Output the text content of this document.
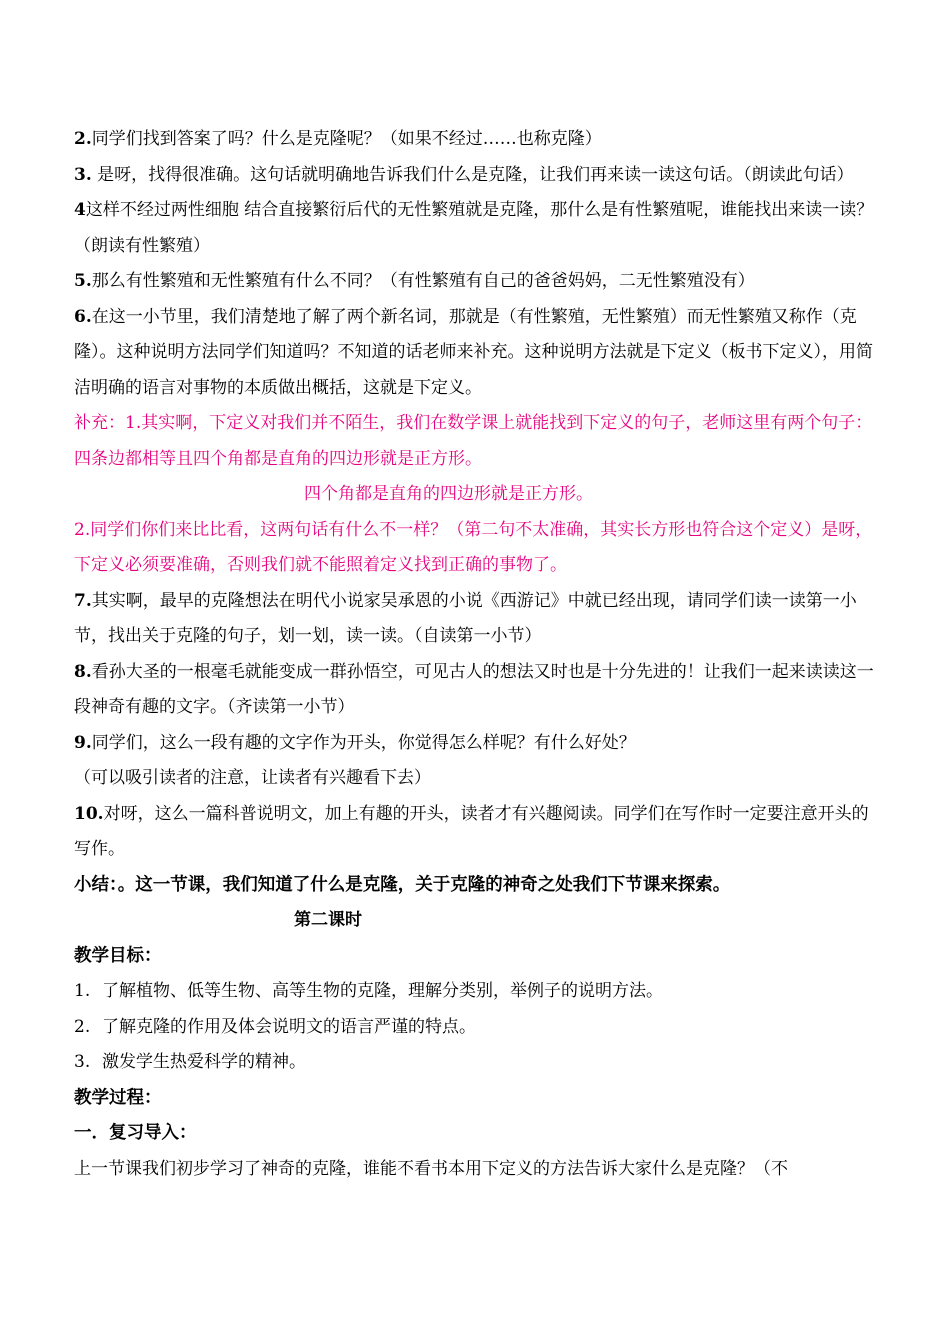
2.同学们找到答案了吗？什么是克隆呢？（如果不经过……也称克隆）

3. 是呀，找得很准确。这句话就明确地告诉我们什么是克隆，让我们再来读一读这句话。（朗读此句话）

4这样不经过两性细胞 结合直接繁衍后代的无性繁殖就是克隆，那什么是有性繁殖呢，谁能找出来读一读？（朗读有性繁殖）

5.那么有性繁殖和无性繁殖有什么不同？（有性繁殖有自己的爸爸妈妈，二无性繁殖没有）

6.在这一小节里，我们清楚地了解了两个新名词，那就是（有性繁殖，无性繁殖）而无性繁殖又称作（克隆）。这种说明方法同学们知道吗？不知道的话老师来补充。这种说明方法就是下定义（板书下定义），用简洁明确的语言对事物的本质做出概括，这就是下定义。

补充：1.其实啊，下定义对我们并不陌生，我们在数学课上就能找到下定义的句子，老师这里有两个句子：四条边都相等且四个角都是直角的四边形就是正方形。

四个角都是直角的四边形就是正方形。

2.同学们你们来比比看，这两句话有什么不一样？（第二句不太准确，其实长方形也符合这个定义）是呀，下定义必须要准确，否则我们就不能照着定义找到正确的事物了。

7.其实啊，最早的克隆想法在明代小说家吴承恩的小说《西游记》中就已经出现，请同学们读一读第一小节，找出关于克隆的句子，划一划，读一读。（自读第一小节）

8.看孙大圣的一根毫毛就能变成一群孙悟空，可见古人的想法又时也是十分先进的！让我们一起来读读这一段神奇有趣的文字。（齐读第一小节）

9.同学们，这么一段有趣的文字作为开头，你觉得怎么样呢？有什么好处？

（可以吸引读者的注意，让读者有兴趣看下去）

10.对呀，这么一篇科普说明文，加上有趣的开头，读者才有兴趣阅读。同学们在写作时一定要注意开头的写作。

小结：。这一节课，我们知道了什么是克隆，关于克隆的神奇之处我们下节课来探索。

第二课时

教学目标：

1. 了解植物、低等生物、高等生物的克隆，理解分类别，举例子的说明方法。

2. 了解克隆的作用及体会说明文的语言严谨的特点。

3. 激发学生热爱科学的精神。

教学过程：

一．复习导入：

上一节课我们初步学习了神奇的克隆，谁能不看书本用下定义的方法告诉大家什么是克隆？（不
